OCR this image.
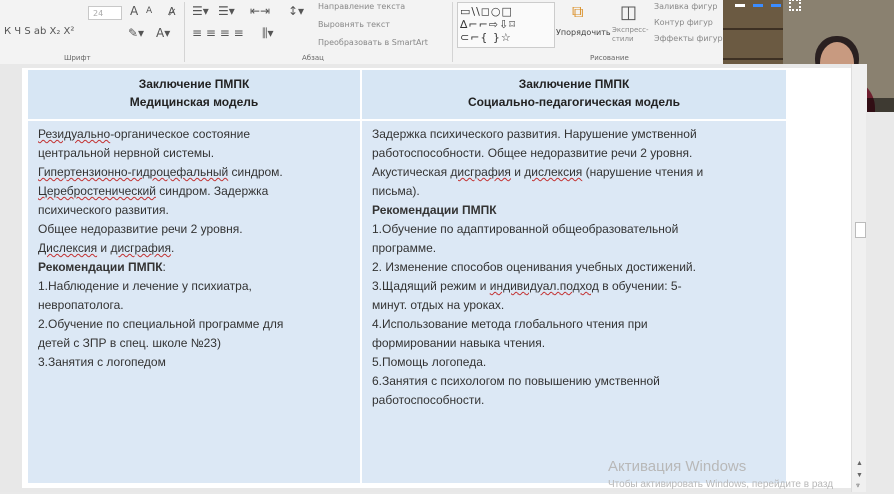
24	A A A̷
К Ч S ab X₂ X²	✎▾ A▾
Шрифт
☰▾ ☰▾ ⇤⇥ ↕▾
≡ ≡ ≡ ≡ ⫼▾
Абзац
Направление текста
Выровнять текст
Преобразовать в SmartArt
▭\\◻○□
∆⌐⌐⇨⇩⌑
⊂⌐{ }☆
⧉
Упорядочить
◫
Экспресс-стили
Заливка фигур
Контур фигур
Эффекты фигур
Рисование
Заключение ПМПК
Медицинская модель
Заключение ПМПК
Социально-педагогическая модель

Резидуально-органическое состояние

центральной нервной системы.

Гипертензионно-гидроцефальный синдром.

Церебростенический синдром. Задержка

психического развития.

Общее недоразвитие речи 2 уровня.

Дислексия и дисграфия.

Рекомендации ПМПК:

1.Наблюдение и лечение у психиатра,

невропатолога.

2.Обучение по специальной программе для

детей с ЗПР в спец. школе №23)

3.Занятия с логопедом

Задержка психического развития. Нарушение умственной

работоспособности. Общее недоразвитие речи 2 уровня.

Акустическая дисграфия и дислексия (нарушение чтения и

письма).

Рекомендации ПМПК

1.Обучение по адаптированной общеобразовательной

программе.

2. Изменение способов оценивания учебных достижений.

3.Щадящий режим и индивидуал.подход в обучении: 5-

минут. отдых на уроках.

4.Использование метода глобального чтения при

формировании навыка чтения.

5.Помощь логопеда.

6.Занятия с психологом по повышению умственной

работоспособности.

Активация Windows
Чтобы активировать Windows, перейдите в разд
▲
▼
⩔
